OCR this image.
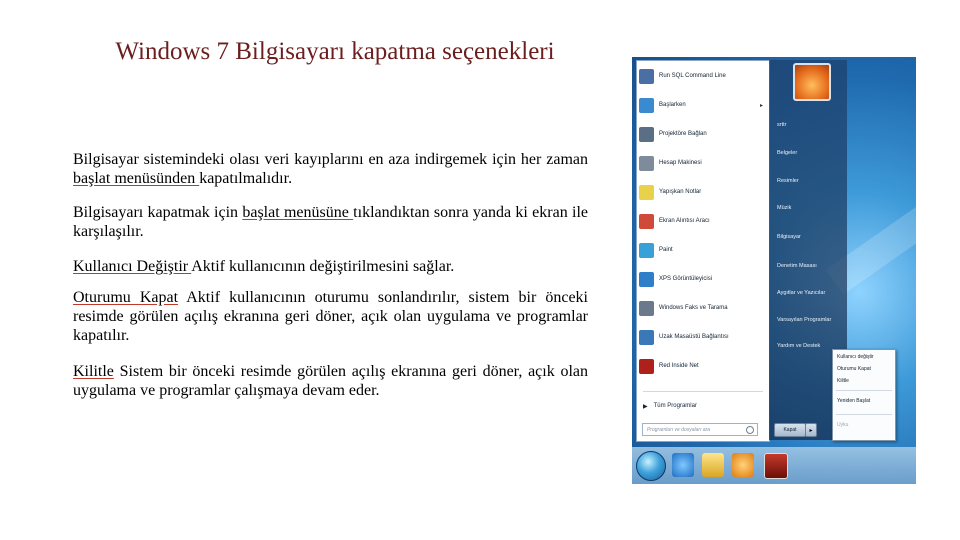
Windows 7 Bilgisayarı kapatma seçenekleri

Bilgisayar sistemindeki olası veri kayıplarını en aza indirgemek için her zaman başlat menüsünden kapatılmalıdır.

Bilgisayarı kapatmak için başlat menüsüne tıklandıktan sonra yanda ki ekran ile karşılaşılır.

Kullanıcı Değiştir Aktif kullanıcının değiştirilmesini sağlar.

Oturumu Kapat Aktif kullanıcının oturumu sonlandırılır, sistem bir önceki resimde görülen açılış ekranına geri döner, açık olan uygulama ve programlar kapatılır.

Kilitle Sistem bir önceki resimde görülen açılış ekranına geri döner, açık olan uygulama ve programlar çalışmaya devam eder.

▶ Tüm Programlar
Run SQL Command Line
Başlarken	▸
Projektöre Bağlan
Hesap Makinesi
Yapışkan Notlar
Ekran Alıntısı Aracı
Paint
XPS Görüntüleyicisi
Windows Faks ve Tarama
Uzak Masaüstü Bağlantısı
Red Inside Net
Programları ve dosyaları ara
srttr
Belgeler
Resimler
Müzik
Bilgisayar
Denetim Masası
Aygıtlar ve Yazıcılar
Varsayılan Programlar
Yardım ve Destek
Kapat ▸
Kullanıcı değiştir
Oturumu Kapat
Kilitle
Yeniden Başlat
Uyku
